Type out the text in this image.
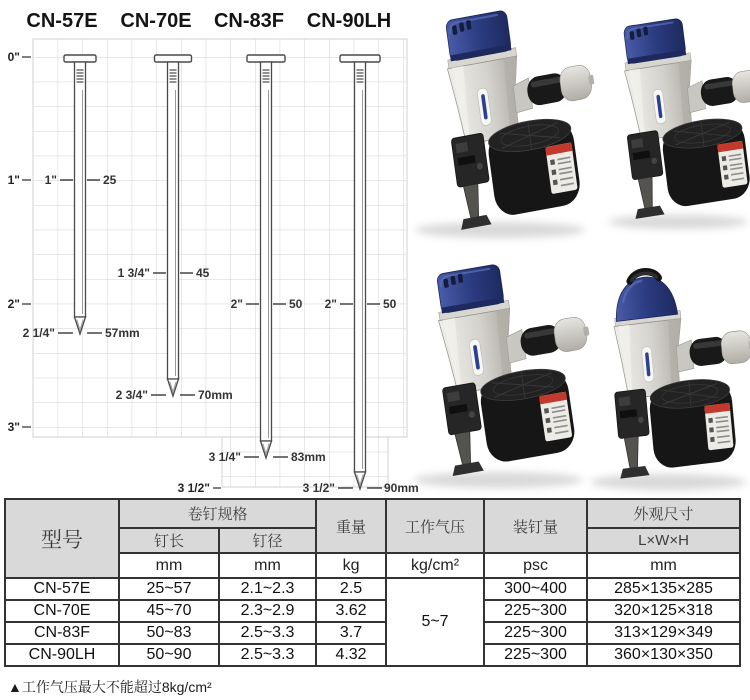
CN-57E CN-70E CN-83F CN-90LH
0"
1"
2"
3"
3 1/2"
1"	25
2 1/4"	57mm
1 3/4"	45
2 3/4"	70mm
2"	50
3 1/4"	83mm
2"	50
3 1/2"	90mm
型号	卷钉规格		重量	工作气压	装钉量	外观尺寸
	钉长	钉径				L×W×H
	mm	mm	kg	kg/cm²	psc	mm
CN-57E	25~57	2.1~2.3	2.5	5~7	300~400	285×135×285
CN-70E	45~70	2.3~2.9	3.62		225~300	320×125×318
CN-83F	50~83	2.5~3.3	3.7		225~300	313×129×349
CN-90LH	50~90	2.5~3.3	4.32		225~300	360×130×350
▲工作气压最大不能超过8kg/cm²
